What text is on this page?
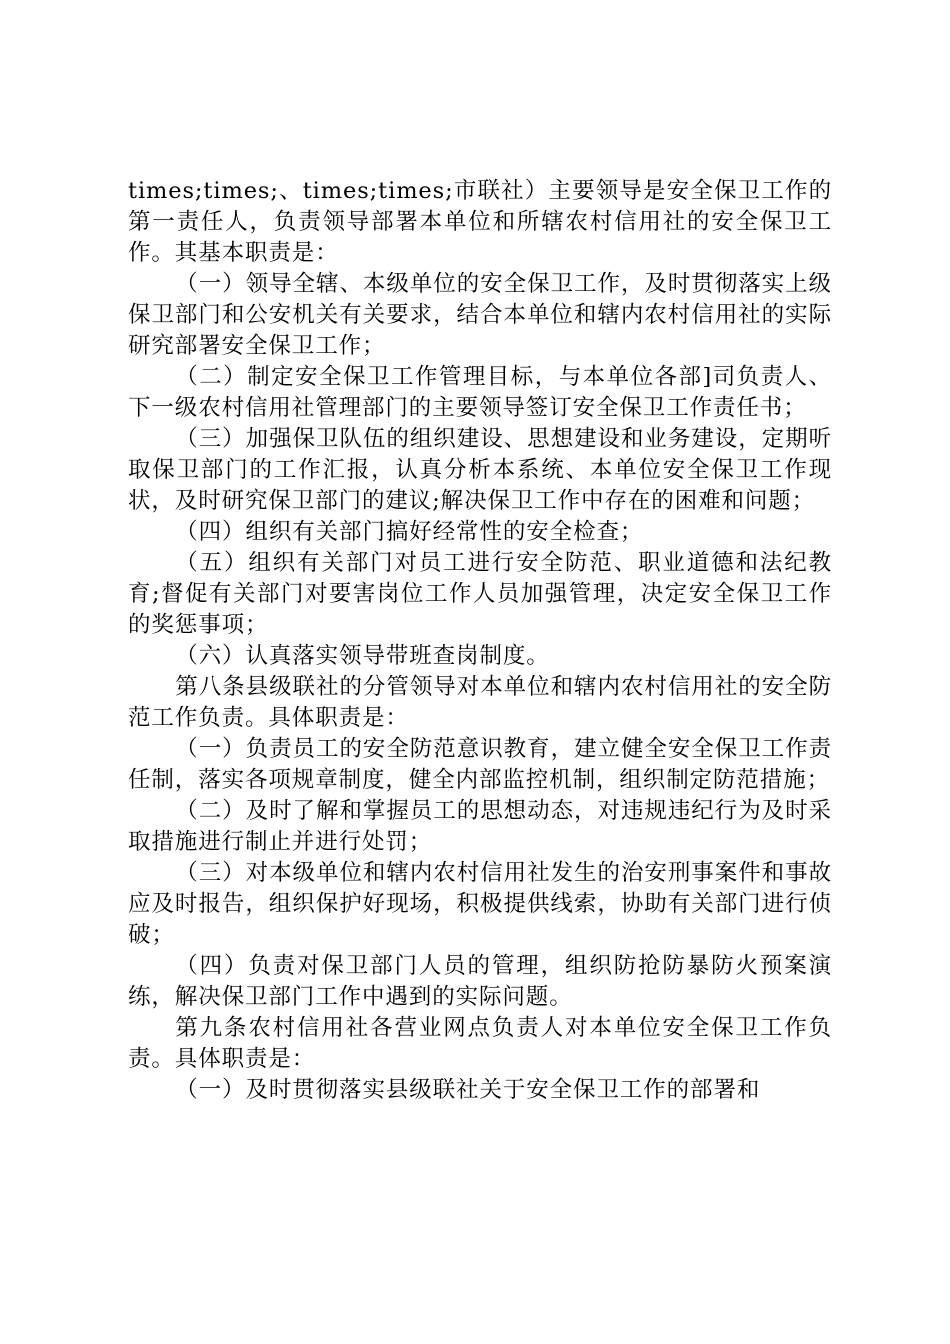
times;times;、times;times;市联社）主要领导是安全保卫工作的第一责任人，负责领导部署本单位和所辖农村信用社的安全保卫工作。其基本职责是：

（一）领导全辖、本级单位的安全保卫工作，及时贯彻落实上级保卫部门和公安机关有关要求，结合本单位和辖内农村信用社的实际研究部署安全保卫工作；

（二）制定安全保卫工作管理目标，与本单位各部]司负责人、下一级农村信用社管理部门的主要领导签订安全保卫工作责任书；

（三）加强保卫队伍的组织建设、思想建设和业务建设，定期听取保卫部门的工作汇报，认真分析本系统、本单位安全保卫工作现状，及时研究保卫部门的建议;解决保卫工作中存在的困难和问题；

（四）组织有关部门搞好经常性的安全检查；

（五）组织有关部门对员工进行安全防范、职业道德和法纪教育;督促有关部门对要害岗位工作人员加强管理，决定安全保卫工作的奖惩事项；

（六）认真落实领导带班查岗制度。

第八条县级联社的分管领导对本单位和辖内农村信用社的安全防范工作负责。具体职责是：

（一）负责员工的安全防范意识教育，建立健全安全保卫工作责任制，落实各项规章制度，健全内部监控机制，组织制定防范措施；

（二）及时了解和掌握员工的思想动态，对违规违纪行为及时采取措施进行制止并进行处罚；

（三）对本级单位和辖内农村信用社发生的治安刑事案件和事故应及时报告，组织保护好现场，积极提供线索，协助有关部门进行侦破；

（四）负责对保卫部门人员的管理，组织防抢防暴防火预案演练，解决保卫部门工作中遇到的实际问题。

第九条农村信用社各营业网点负责人对本单位安全保卫工作负责。具体职责是：

（一）及时贯彻落实县级联社关于安全保卫工作的部署和
